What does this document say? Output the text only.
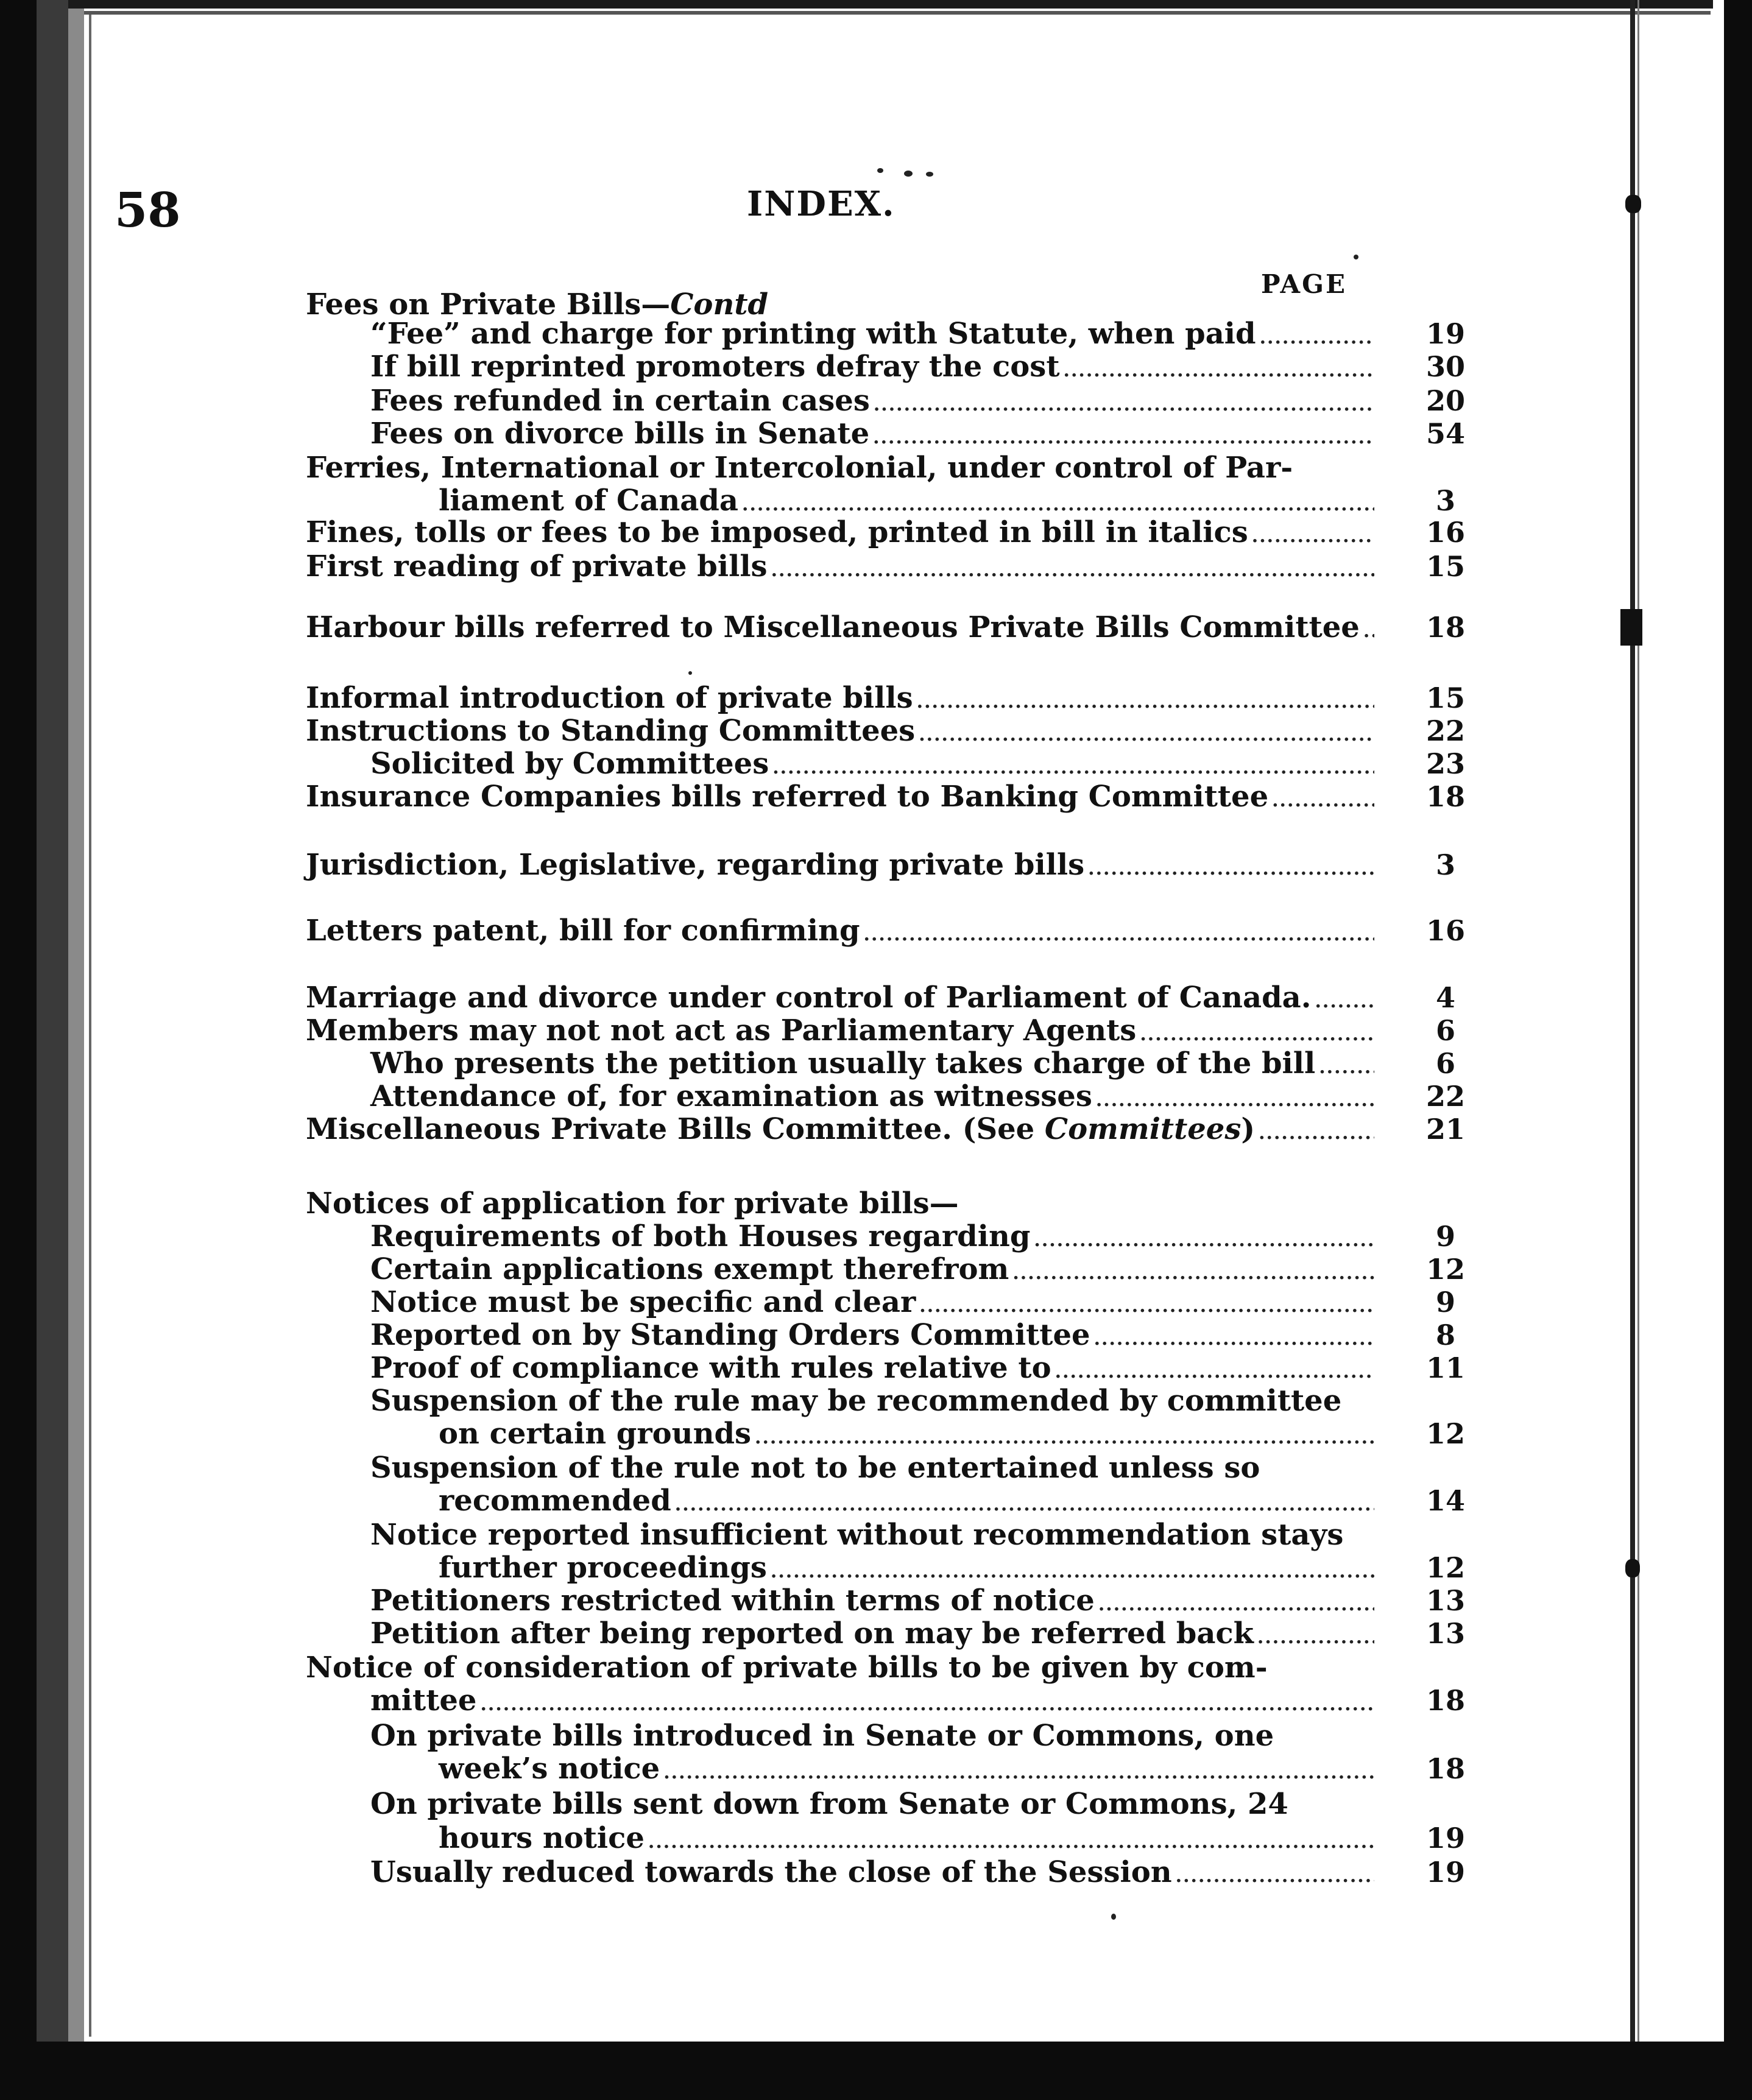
58	INDEX.
PAGE
Fees on Private Bills—Contd
“Fee” and charge for printing with Statute, when paid .....	19
If bill reprinted promoters defray the cost .....	30
Fees refunded in certain cases .....	20
Fees on divorce bills in Senate .....	54
Ferries, International or Intercolonial, under control of Par-
liament of Canada .....	3
Fines, tolls or fees to be imposed, printed in bill in italics .....	16
First reading of private bills .....	15
Harbour bills referred to Miscellaneous Private Bills Committee ..... 18
Informal introduction of private bills .....	15
Instructions to Standing Committees .....	22
Solicited by Committees .....	23
Insurance Companies bills referred to Banking Committee .....	18
Jurisdiction, Legislative, regarding private bills .....	3
Letters patent, bill for confirming .....	16
Marriage and divorce under control of Parliament of Canada. .....	4
Members may not not act as Parliamentary Agents .....	6
Who presents the petition usually takes charge of the bill .....	6
Attendance of, for examination as witnesses .....	22
Miscellaneous Private Bills Committee. (See Committees) .....	21
Notices of application for private bills—
Requirements of both Houses regarding .....	9
Certain applications exempt therefrom .....	12
Notice must be specific and clear .....	9
Reported on by Standing Orders Committee .....	8
Proof of compliance with rules relative to .....	11
Suspension of the rule may be recommended by committee
on certain grounds .....	12
Suspension of the rule not to be entertained unless so
recommended .....	14
Notice reported insufficient without recommendation stays
further proceedings .....	12
Petitioners restricted within terms of notice .....	13
Petition after being reported on may be referred back .....	13
Notice of consideration of private bills to be given by com-
mittee .....	18
On private bills introduced in Senate or Commons, one
week’s notice .....	18
On private bills sent down from Senate or Commons, 24
hours notice .....	19
Usually reduced towards the close of the Session .....	19
